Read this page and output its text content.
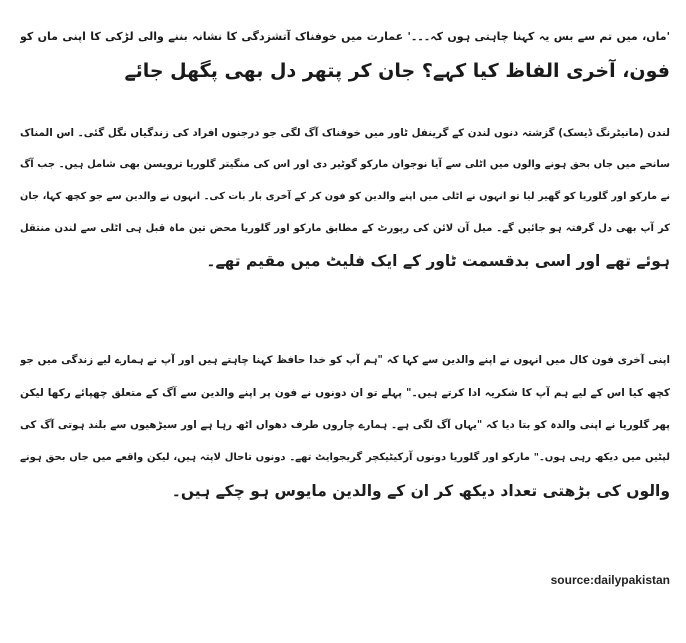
'ماں، میں تم سے بس یہ کہنا چاہتی ہوں کہ۔۔۔' عمارت میں خوفناک آتشزدگی کا نشانہ بننے والی لڑکی کا اپنی ماں کو
فون، آخری الفاظ کیا کہے؟ جان کر پتھر دل بھی پگھل جائے
لندن (مانیٹرنگ ڈیسک) گزشتہ دنوں لندن کے گرینفل ٹاور میں خوفناک آگ لگی جو درجنوں افراد کی زندگیاں نگل گئی۔ اس المناک
سانحے میں جاں بحق ہونے والوں میں اٹلی سے آیا نوجوان مارکو گوٹیر دی اور اس کی منگیتر گلوریا ترویسن بھی شامل ہیں۔ جب آگ
نے مارکو اور گلوریا کو گھیر لیا تو انہوں نے اٹلی میں اپنے والدین کو فون کر کے آخری بار بات کی۔ انہوں نے والدین سے جو کچھ کہا، جان
کر آپ بھی دل گرفتہ ہو جائیں گے۔ میل آن لائن کی رپورٹ کے مطابق مارکو اور گلوریا محض تین ماہ قبل ہی اٹلی سے لندن منتقل
ہوئے تھے اور اسی بدقسمت ٹاور کے ایک فلیٹ میں مقیم تھے۔
اپنی آخری فون کال میں انہوں نے اپنے والدین سے کہا کہ "ہم آپ کو خدا حافظ کہنا چاہتے ہیں اور آپ نے ہمارے لیے زندگی میں جو
کچھ کیا اس کے لیے ہم آپ کا شکریہ ادا کرتے ہیں۔" پہلے تو ان دونوں نے فون پر اپنے والدین سے آگ کے متعلق چھپائے رکھا لیکن
پھر گلوریا نے اپنی والدہ کو بتا دیا کہ "یہاں آگ لگی ہے۔ ہمارے چاروں طرف دھواں اٹھ رہا ہے اور سیڑھیوں سے بلند ہوتی آگ کی
لپٹیں میں دیکھ رہی ہوں۔" مارکو اور گلوریا دونوں آرکیٹیکچر گریجوایٹ تھے۔ دونوں تاحال لاپتہ ہیں، لیکن واقعے میں جاں بحق ہونے
والوں کی بڑھتی تعداد دیکھ کر ان کے والدین مایوس ہو چکے ہیں۔
source:dailypakistan
